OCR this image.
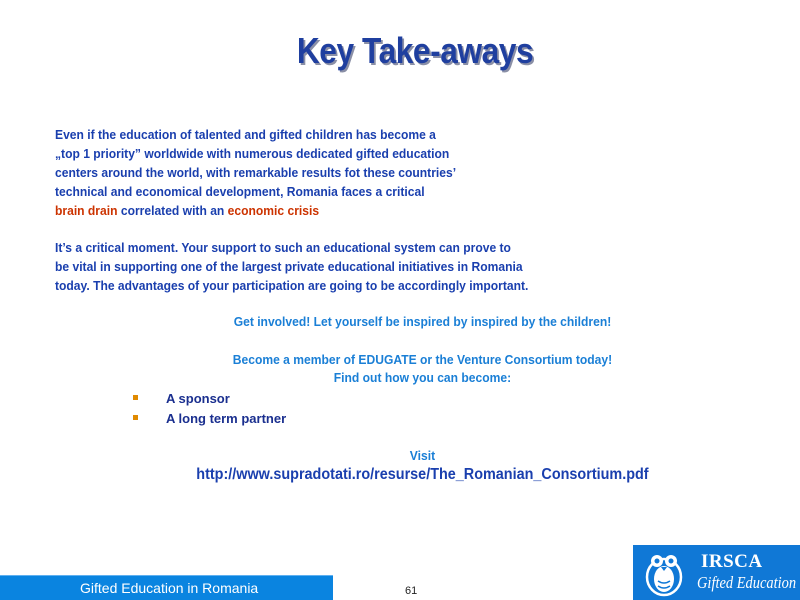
Key Take-aways
Even if the education of talented and gifted children has become a
„top 1 priority” worldwide with numerous dedicated gifted education
centers around the world, with remarkable results fot these countries’
technical and economical development, Romania faces a critical
brain drain correlated with an economic crisis
It’s a critical moment. Your support to such an educational system can prove to
be vital in supporting one of the largest private educational initiatives in Romania
today. The advantages of your participation are going to be accordingly important.
Get involved! Let yourself be inspired by inspired by the children!
Become a member of EDUGATE or the Venture Consortium today!
Find out how you can become:
A sponsor
A long term partner
Visit
http://www.supradotati.ro/resurse/The_Romanian_Consortium.pdf
Gifted Education in Romania	61
IRSCA
Gifted Education
